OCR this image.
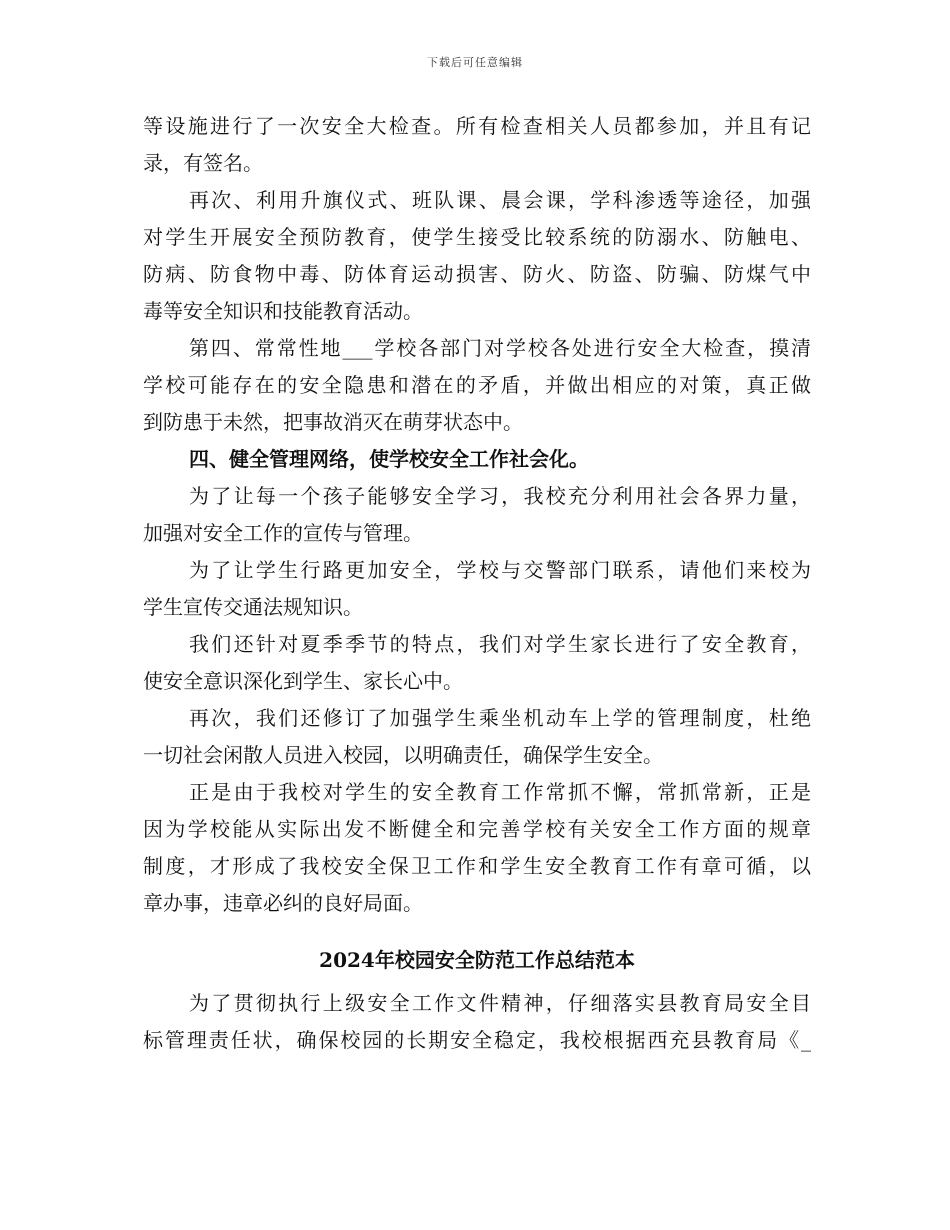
下载后可任意编辑
等设施进行了一次安全大检查。所有检查相关人员都参加，并且有记
录，有签名。
再次、利用升旗仪式、班队课、晨会课，学科渗透等途径，加强
对学生开展安全预防教育，使学生接受比较系统的防溺水、防触电、
防病、防食物中毒、防体育运动损害、防火、防盗、防骗、防煤气中
毒等安全知识和技能教育活动。
第四、常常性地___学校各部门对学校各处进行安全大检查，摸清
学校可能存在的安全隐患和潜在的矛盾，并做出相应的对策，真正做
到防患于未然，把事故消灭在萌芽状态中。
四、健全管理网络，使学校安全工作社会化。
为了让每一个孩子能够安全学习，我校充分利用社会各界力量，
加强对安全工作的宣传与管理。
为了让学生行路更加安全，学校与交警部门联系，请他们来校为
学生宣传交通法规知识。
我们还针对夏季季节的特点，我们对学生家长进行了安全教育，
使安全意识深化到学生、家长心中。
再次，我们还修订了加强学生乘坐机动车上学的管理制度，杜绝
一切社会闲散人员进入校园，以明确责任，确保学生安全。
正是由于我校对学生的安全教育工作常抓不懈，常抓常新，正是
因为学校能从实际出发不断健全和完善学校有关安全工作方面的规章
制度，才形成了我校安全保卫工作和学生安全教育工作有章可循，以
章办事，违章必纠的良好局面。
2024年校园安全防范工作总结范本
为了贯彻执行上级安全工作文件精神，仔细落实县教育局安全目
标管理责任状，确保校园的长期安全稳定，我校根据西充县教育局《_
